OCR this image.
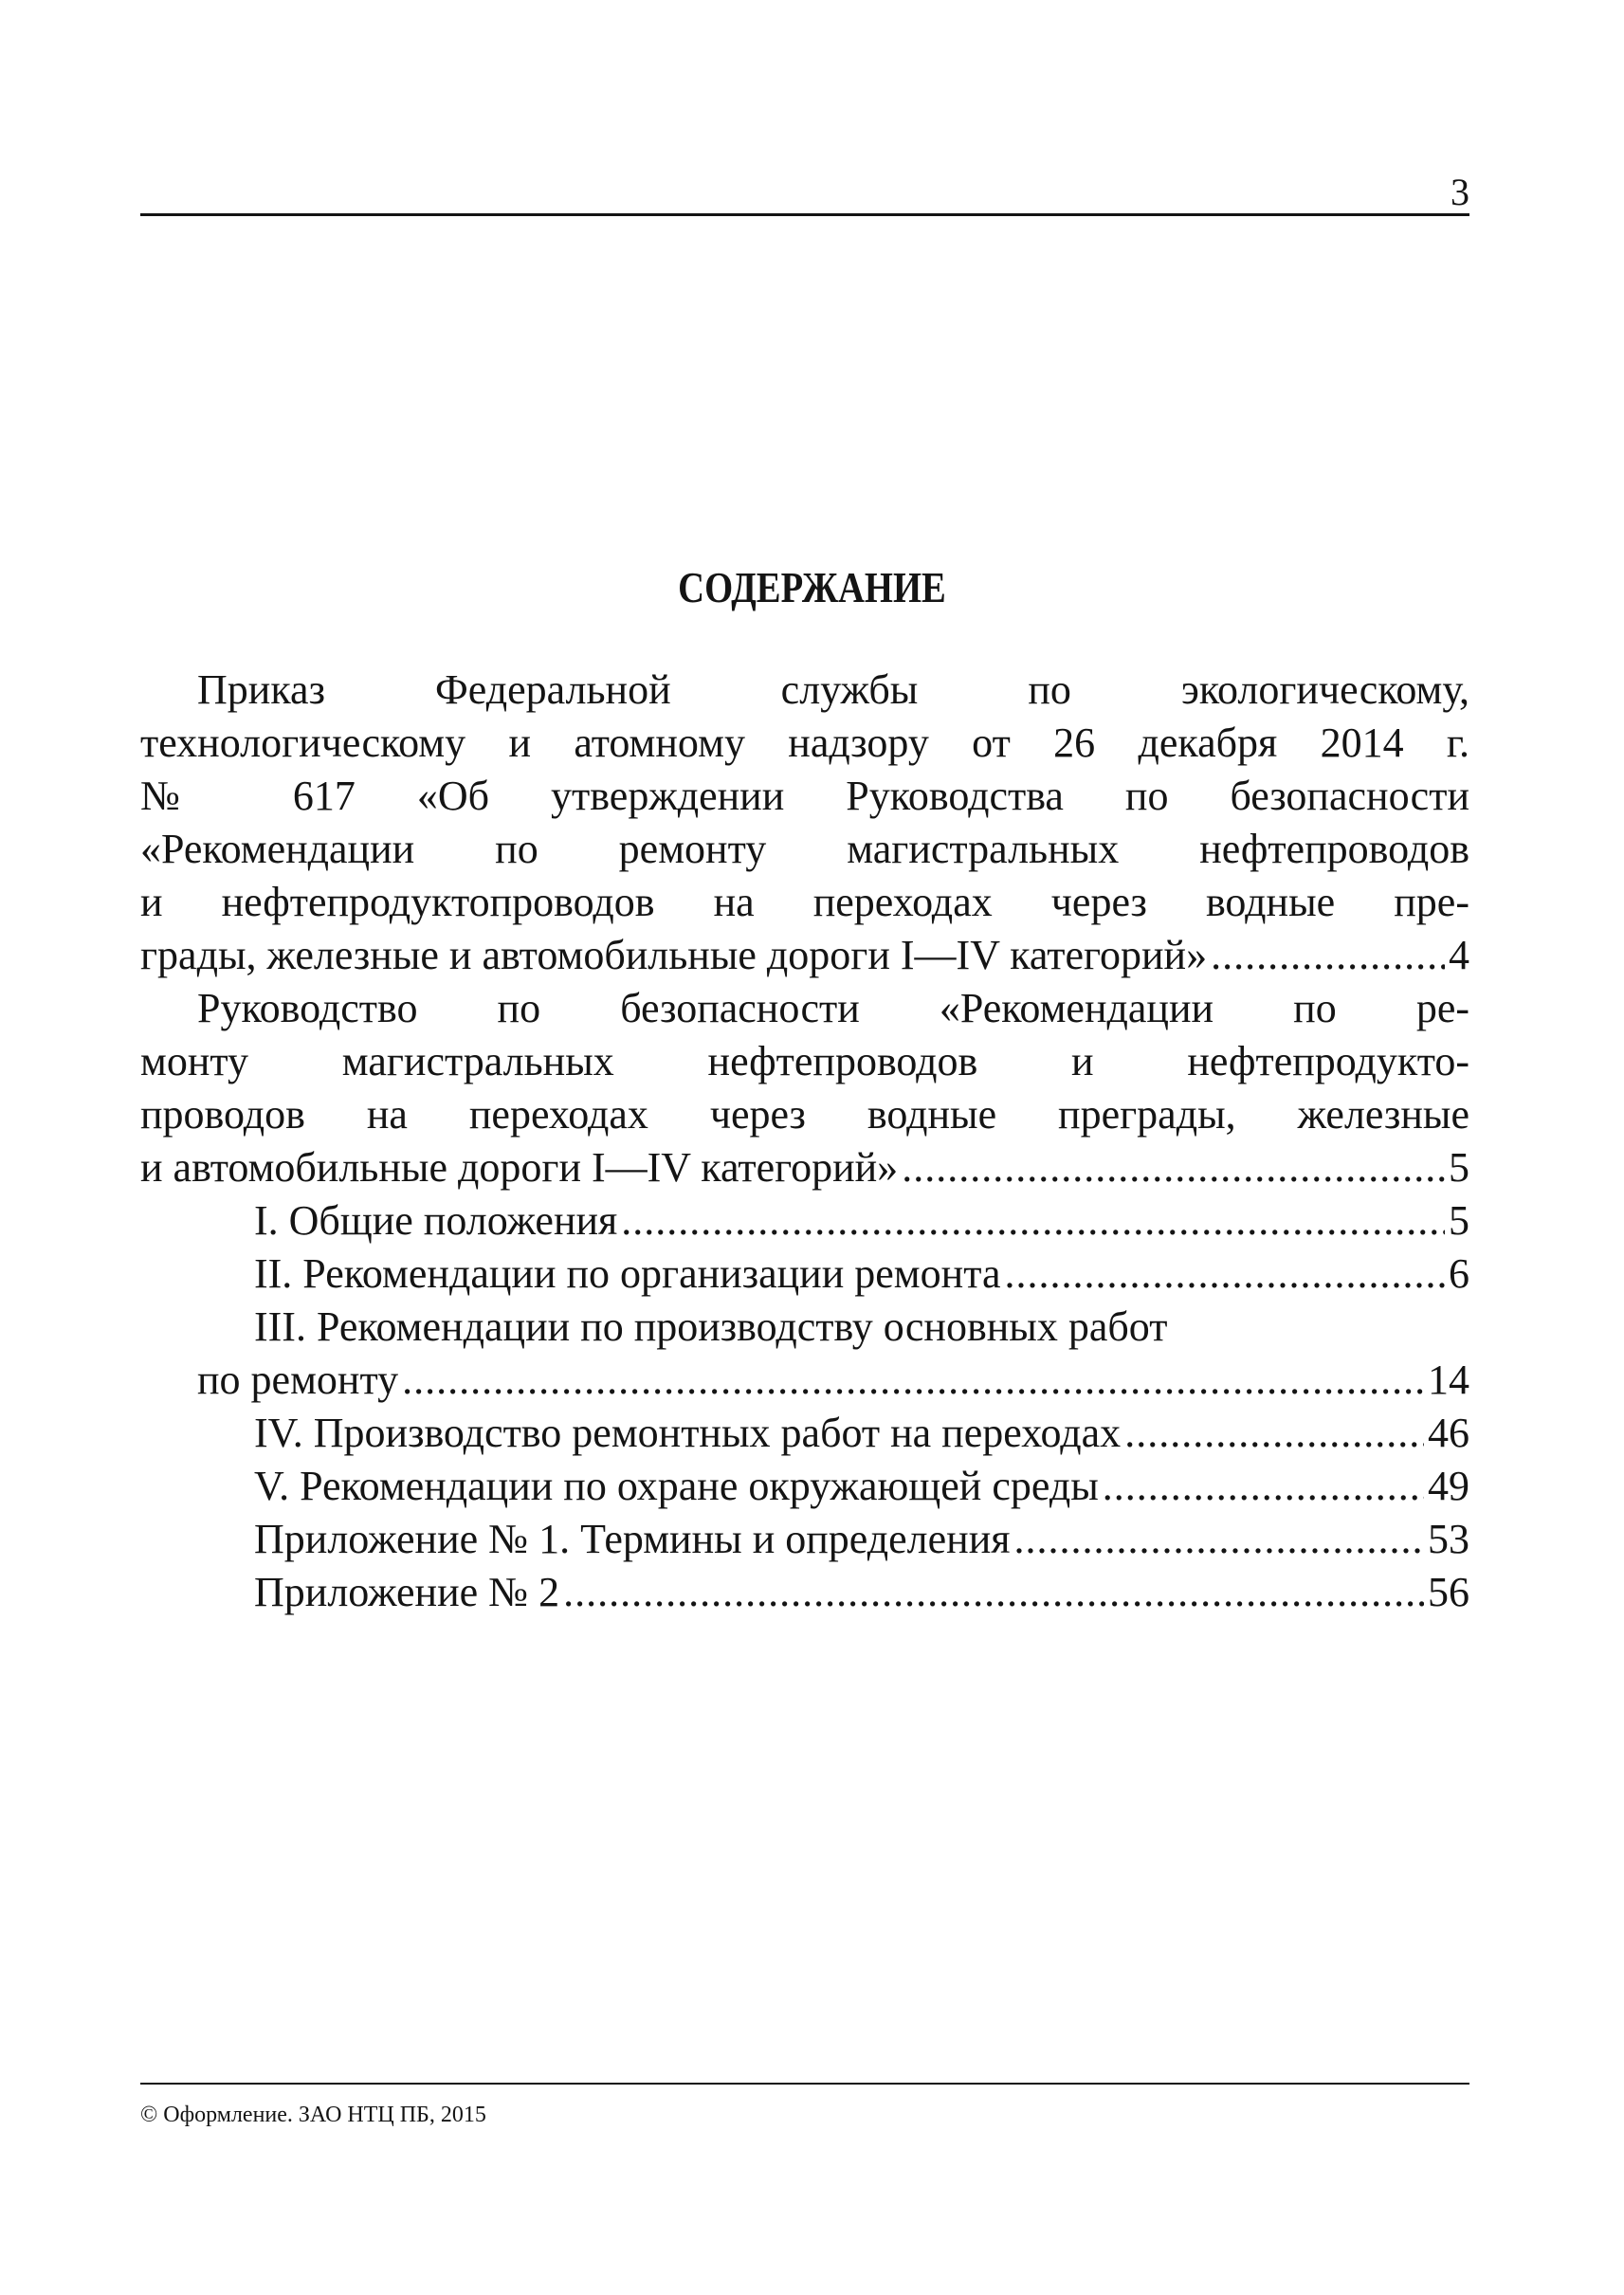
3
СОДЕРЖАНИЕ
Приказ Федеральной службы по экологическому,
технологическому и атомному надзору от 26 декабря 2014 г.
№ 617 «Об утверждении Руководства по безопасности
«Рекомендации по ремонту магистральных нефтепроводов
и нефтепродуктопроводов на переходах через водные пре-
грады, железные и автомобильные дороги I—IV категорий» .....	4
Руководство по безопасности «Рекомендации по ре-
монту магистральных нефтепроводов и нефтепродукто-
проводов на переходах через водные преграды, железные
и автомобильные дороги I—IV категорий» .....	5
I. Общие положения .....	5
II. Рекомендации по организации ремонта .....	6
III. Рекомендации по производству основных работ
по ремонту .....	14
IV. Производство ремонтных работ на переходах .....	46
V. Рекомендации по охране окружающей среды .....	49
Приложение № 1. Термины и определения .....	53
Приложение № 2 .....	56
© Оформление. ЗАО НТЦ ПБ, 2015
